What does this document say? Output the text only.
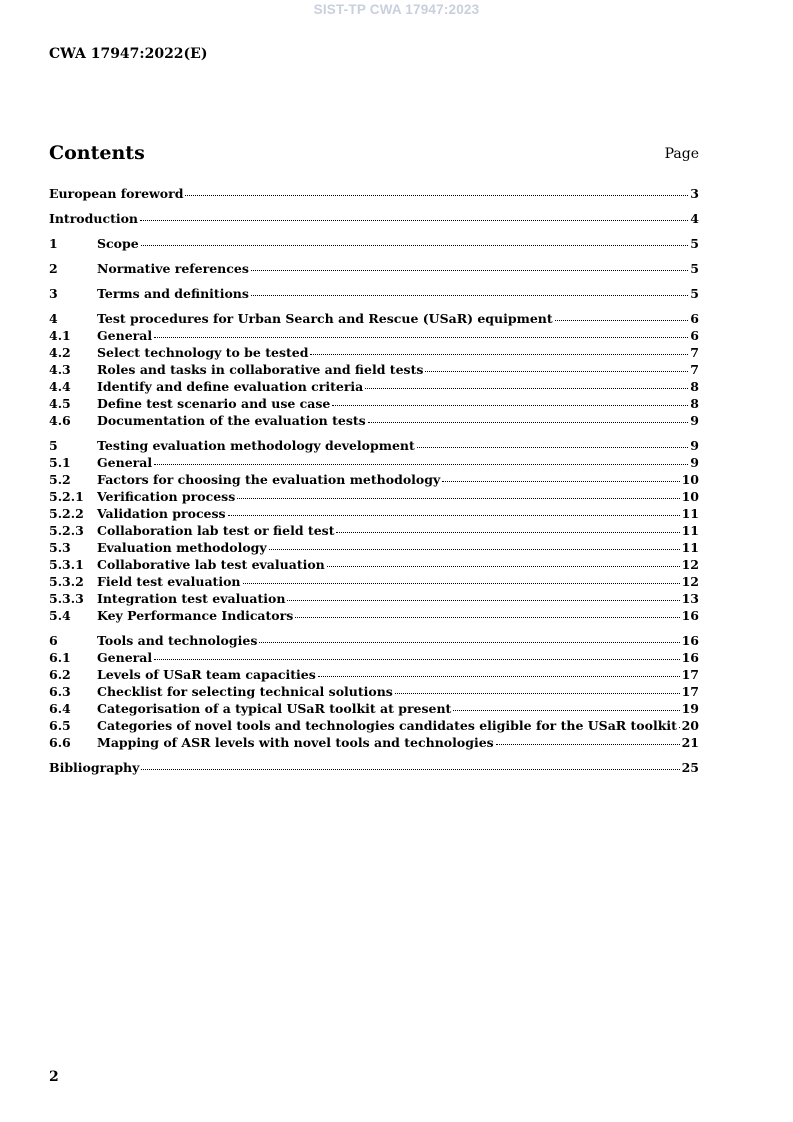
SIST-TP CWA 17947:2023
CWA 17947:2022(E)
Contents	Page
European foreword	3
Introduction	4
1	Scope	5
2	Normative references	5
3	Terms and definitions	5
4	Test procedures for Urban Search and Rescue (USaR) equipment	6
4.1	General	6
4.2	Select technology to be tested	7
4.3	Roles and tasks in collaborative and field tests	7
4.4	Identify and define evaluation criteria	8
4.5	Define test scenario and use case	8
4.6	Documentation of the evaluation tests	9
5	Testing evaluation methodology development	9
5.1	General	9
5.2	Factors for choosing the evaluation methodology	10
5.2.1	Verification process	10
5.2.2	Validation process	11
5.2.3	Collaboration lab test or field test	11
5.3	Evaluation methodology	11
5.3.1	Collaborative lab test evaluation	12
5.3.2	Field test evaluation	12
5.3.3	Integration test evaluation	13
5.4	Key Performance Indicators	16
6	Tools and technologies	16
6.1	General	16
6.2	Levels of USaR team capacities	17
6.3	Checklist for selecting technical solutions	17
6.4	Categorisation of a typical USaR toolkit at present	19
6.5	Categories of novel tools and technologies candidates eligible for the USaR toolkit 20
6.6	Mapping of ASR levels with novel tools and technologies	21
Bibliography	25
2
